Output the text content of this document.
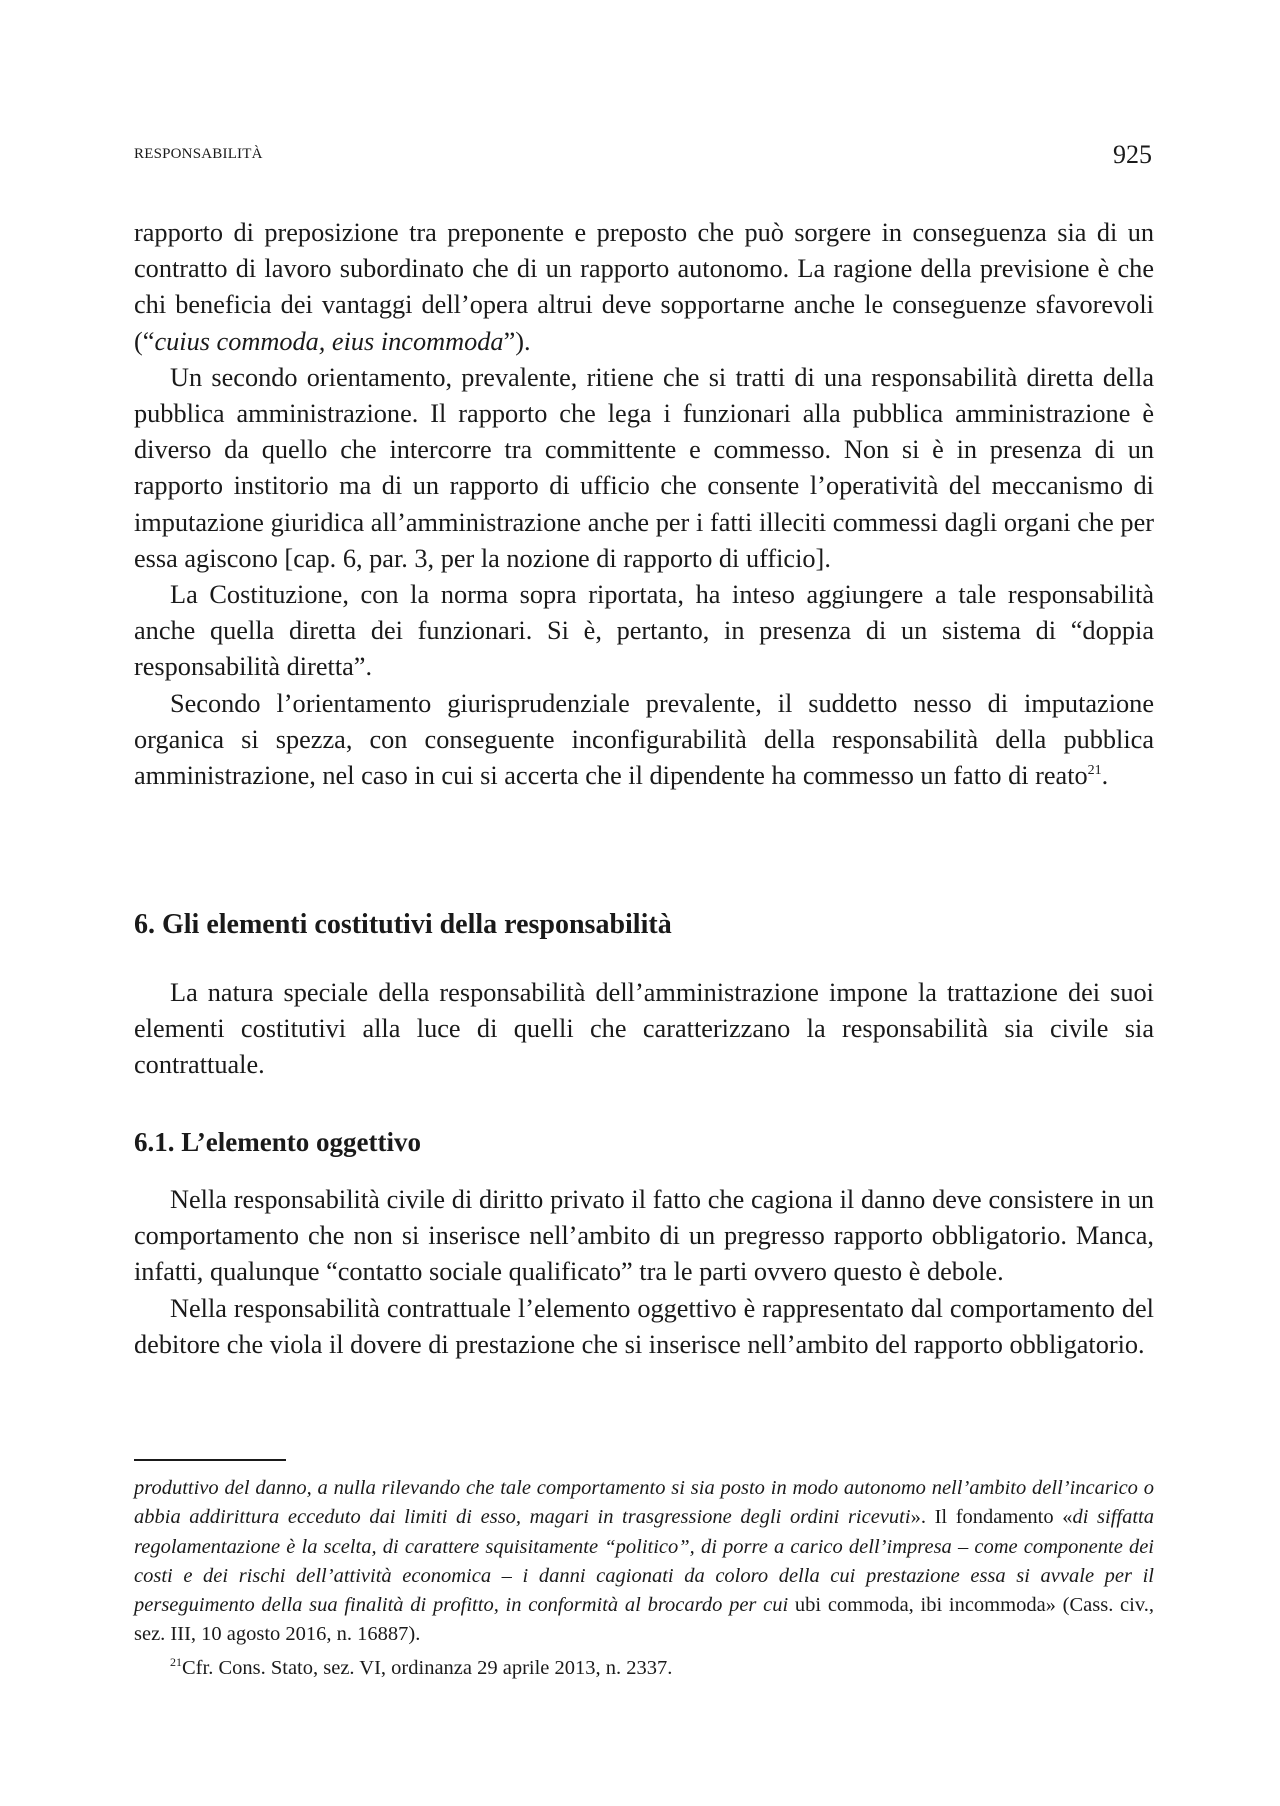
RESPONSABILITÀ	925

rapporto di preposizione tra preponente e preposto che può sorgere in conseguenza sia di un contratto di lavoro subordinato che di un rapporto autonomo. La ragione della previsione è che chi beneficia dei vantaggi dell’opera altrui deve sopportarne anche le conseguenze sfavorevoli (“cuius commoda, eius incommoda”).

Un secondo orientamento, prevalente, ritiene che si tratti di una responsabilità diretta della pubblica amministrazione. Il rapporto che lega i funzionari alla pubblica amministrazione è diverso da quello che intercorre tra committente e commesso. Non si è in presenza di un rapporto institorio ma di un rapporto di ufficio che consente l’operatività del meccanismo di imputazione giuridica all’amministrazione anche per i fatti illeciti commessi dagli organi che per essa agiscono [cap. 6, par. 3, per la nozione di rapporto di ufficio].

La Costituzione, con la norma sopra riportata, ha inteso aggiungere a tale responsabilità anche quella diretta dei funzionari. Si è, pertanto, in presenza di un sistema di “doppia responsabilità diretta”.

Secondo l’orientamento giurisprudenziale prevalente, il suddetto nesso di imputazione organica si spezza, con conseguente inconfigurabilità della responsabilità della pubblica amministrazione, nel caso in cui si accerta che il dipendente ha commesso un fatto di reato$^{21}$.

6. Gli elementi costitutivi della responsabilità

La natura speciale della responsabilità dell’amministrazione impone la trattazione dei suoi elementi costitutivi alla luce di quelli che caratterizzano la responsabilità sia civile sia contrattuale.

6.1. L’elemento oggettivo

Nella responsabilità civile di diritto privato il fatto che cagiona il danno deve consistere in un comportamento che non si inserisce nell’ambito di un pregresso rapporto obbligatorio. Manca, infatti, qualunque “contatto sociale qualificato” tra le parti ovvero questo è debole.

Nella responsabilità contrattuale l’elemento oggettivo è rappresentato dal comportamento del debitore che viola il dovere di prestazione che si inserisce nell’ambito del rapporto obbligatorio.

produttivo del danno, a nulla rilevando che tale comportamento si sia posto in modo autonomo nell’ambito dell’incarico o abbia addirittura ecceduto dai limiti di esso, magari in trasgressione degli ordini ricevuti». Il fondamento «di siffatta regolamentazione è la scelta, di carattere squisitamente “politico”, di porre a carico dell’impresa – come componente dei costi e dei rischi dell’attività economica – i danni cagionati da coloro della cui prestazione essa si avvale per il perseguimento della sua finalità di profitto, in conformità al brocardo per cui ubi commoda, ibi incommoda» (Cass. civ., sez. III, 10 agosto 2016, n. 16887).

$^{21}$Cfr. Cons. Stato, sez. VI, ordinanza 29 aprile 2013, n. 2337.
